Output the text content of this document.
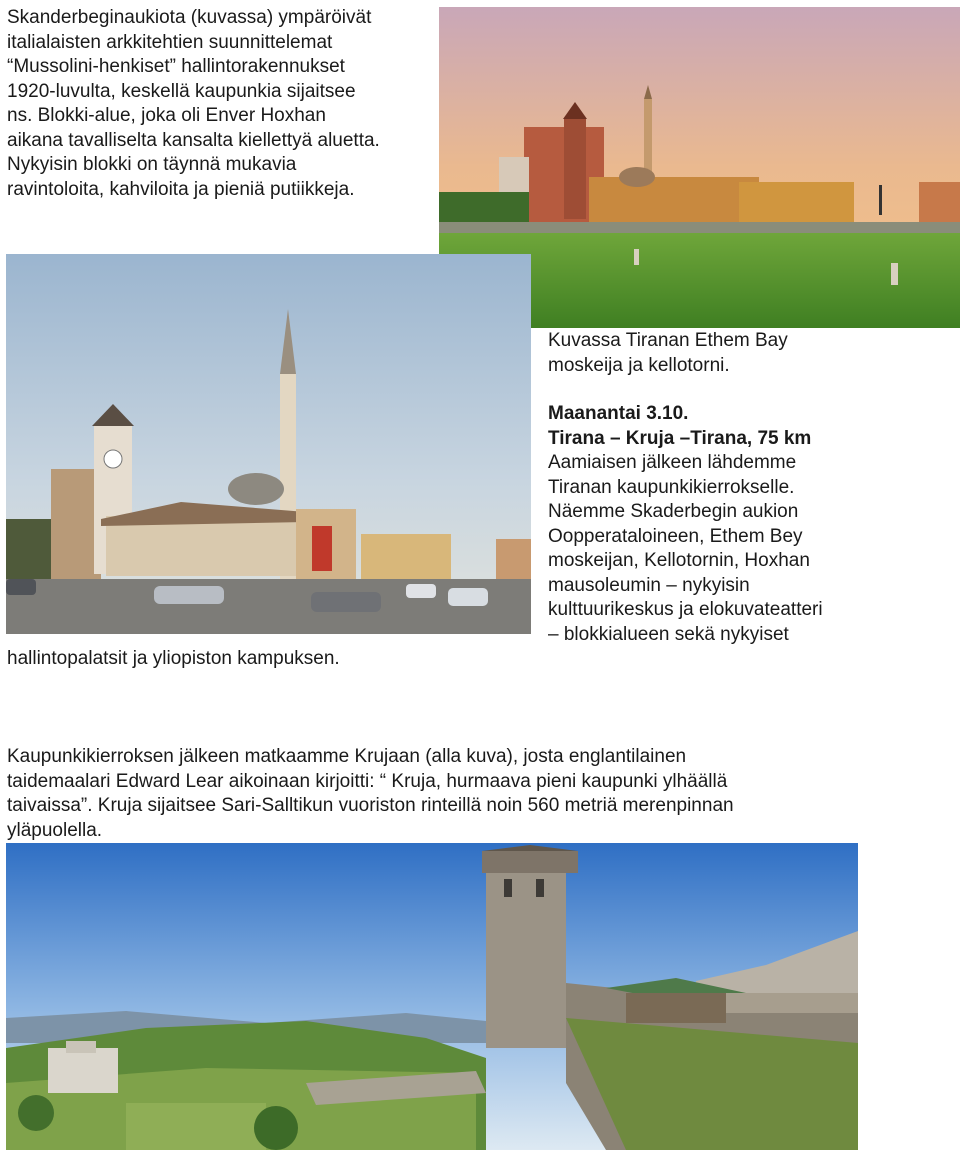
Skanderbeginaukiota (kuvassa) ympäröivät
italialaisten arkkitehtien suunnittelemat
“Mussolini-henkiset” hallintorakennukset
1920-luvulta, keskellä kaupunkia sijaitsee
ns. Blokki-alue, joka oli Enver Hoxhan
aikana tavalliselta kansalta kiellettyä aluetta.
Nykyisin blokki on täynnä mukavia
ravintoloita, kahviloita ja pieniä putiikkeja.
Kuvassa Tiranan Ethem Bay
moskeija ja kellotorni.
Maanantai 3.10.
Tirana – Kruja –Tirana, 75 km
Aamiaisen jälkeen lähdemme
Tiranan kaupunkikierrokselle.
Näemme Skaderbegin aukion
Oopperataloineen, Ethem Bey
moskeijan, Kellotornin, Hoxhan
mausoleumin – nykyisin
kulttuurikeskus ja elokuvateatteri
– blokkialueen sekä nykyiset
hallintopalatsit ja yliopiston kampuksen.
Kaupunkikierroksen jälkeen matkaamme Krujaan (alla kuva), josta englantilainen
taidemaalari Edward Lear aikoinaan kirjoitti: “ Kruja, hurmaava pieni kaupunki ylhäällä
taivaissa”. Kruja sijaitsee Sari-Salltikun vuoriston rinteillä noin 560 metriä merenpinnan
yläpuolella.
